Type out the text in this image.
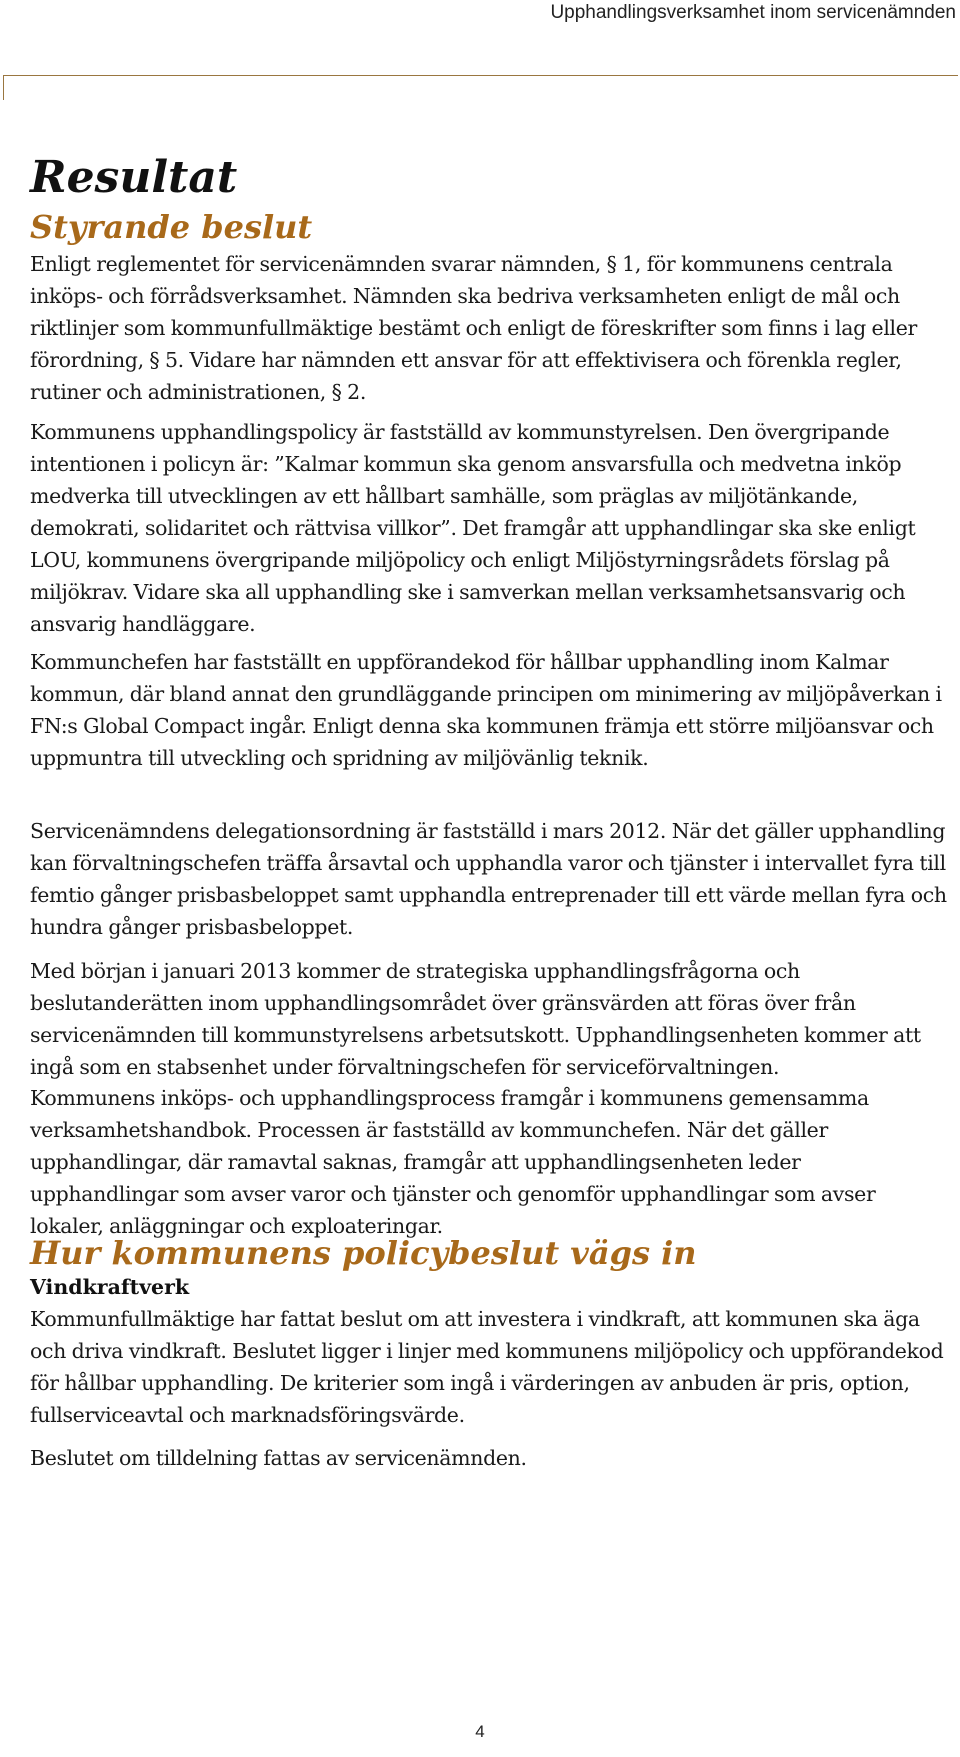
Upphandlingsverksamhet inom servicenämnden
Resultat
Styrande beslut

Enligt reglementet för servicenämnden svarar nämnden, § 1, för kommunens centrala inköps- och förrådsverksamhet. Nämnden ska bedriva verksamheten enligt de mål och riktlinjer som kommunfullmäktige bestämt och enligt de föreskrifter som finns i lag eller förordning, § 5. Vidare har nämnden ett ansvar för att effektivisera och förenkla regler, rutiner och administrationen, § 2.

Kommunens upphandlingspolicy är fastställd av kommunstyrelsen. Den övergripande intentionen i policyn är: ”Kalmar kommun ska genom ansvarsfulla och medvetna inköp medverka till utvecklingen av ett hållbart samhälle, som präglas av miljötänkande, demokrati, solidaritet och rättvisa villkor”. Det framgår att upphandlingar ska ske enligt LOU, kommunens övergripande miljöpolicy och enligt Miljöstyrningsrådets förslag på miljökrav. Vidare ska all upphandling ske i samverkan mellan verksamhetsansvarig och ansvarig handläggare.

Kommunchefen har fastställt en uppförandekod för hållbar upphandling inom Kalmar kommun, där bland annat den grundläggande principen om minimering av miljöpåverkan i FN:s Global Compact ingår. Enligt denna ska kommunen främja ett större miljöansvar och uppmuntra till utveckling och spridning av miljövänlig teknik.

Servicenämndens delegationsordning är fastställd i mars 2012. När det gäller upphandling kan förvaltningschefen träffa årsavtal och upphandla varor och tjänster i intervallet fyra till femtio gånger prisbasbeloppet samt upphandla entreprenader till ett värde mellan fyra och hundra gånger prisbasbeloppet.

Med början i januari 2013 kommer de strategiska upphandlingsfrågorna och beslutanderätten inom upphandlingsområdet över gränsvärden att föras över från servicenämnden till kommunstyrelsens arbetsutskott. Upphandlingsenheten kommer att ingå som en stabsenhet under förvaltningschefen för serviceförvaltningen.

Kommunens inköps- och upphandlingsprocess framgår i kommunens gemensamma verksamhetshandbok. Processen är fastställd av kommunchefen. När det gäller upphandlingar, där ramavtal saknas, framgår att upphandlingsenheten leder upphandlingar som avser varor och tjänster och genomför upphandlingar som avser lokaler, anläggningar och exploateringar.

Hur kommunens policybeslut vägs in
Vindkraftverk

Kommunfullmäktige har fattat beslut om att investera i vindkraft, att kommunen ska äga och driva vindkraft. Beslutet ligger i linjer med kommunens miljöpolicy och uppförandekod för hållbar upphandling. De kriterier som ingå i värderingen av anbuden är pris, option, fullserviceavtal och marknadsföringsvärde.

Beslutet om tilldelning fattas av servicenämnden.

4
